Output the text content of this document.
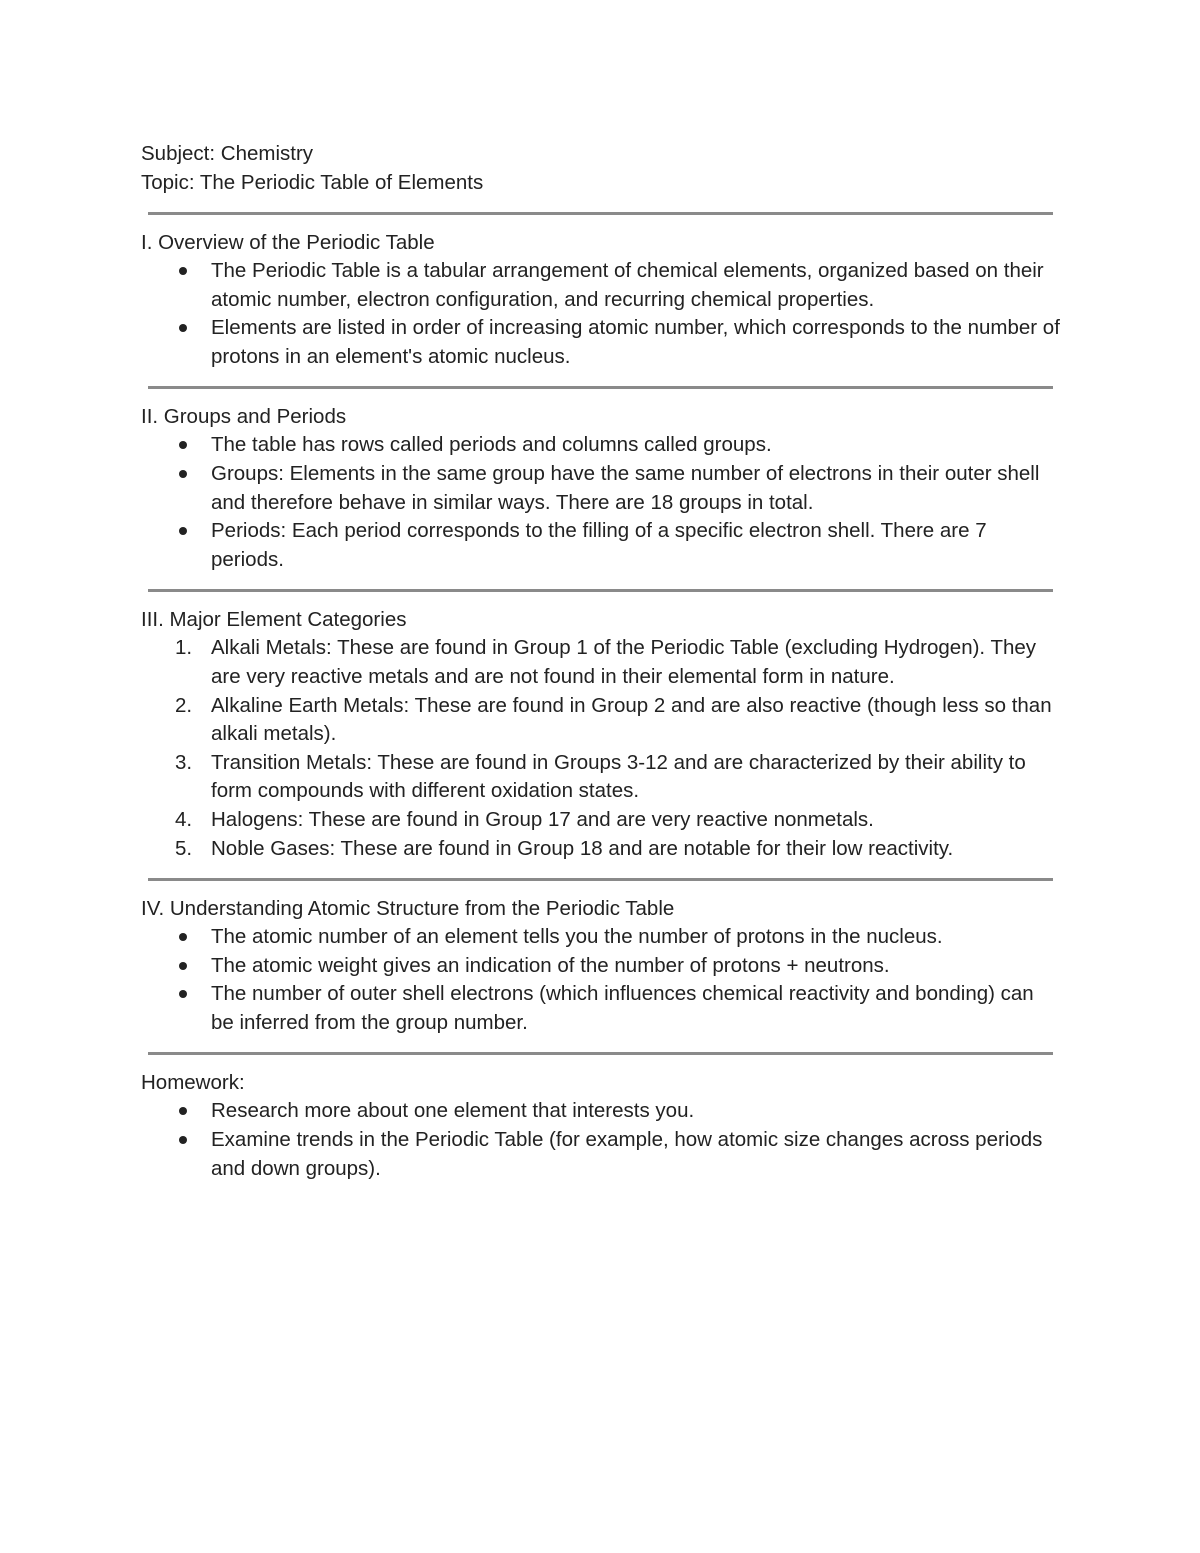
Subject: Chemistry

Topic: The Periodic Table of Elements

I. Overview of the Periodic Table

The Periodic Table is a tabular arrangement of chemical elements, organized based on their atomic number, electron configuration, and recurring chemical properties.
Elements are listed in order of increasing atomic number, which corresponds to the number of protons in an element's atomic nucleus.

II. Groups and Periods

The table has rows called periods and columns called groups.
Groups: Elements in the same group have the same number of electrons in their outer shell and therefore behave in similar ways. There are 18 groups in total.
Periods: Each period corresponds to the filling of a specific electron shell. There are 7 periods.

III. Major Element Categories

1. Alkali Metals: These are found in Group 1 of the Periodic Table (excluding Hydrogen). They are very reactive metals and are not found in their elemental form in nature.
2. Alkaline Earth Metals: These are found in Group 2 and are also reactive (though less so than alkali metals).
3. Transition Metals: These are found in Groups 3-12 and are characterized by their ability to form compounds with different oxidation states.
4. Halogens: These are found in Group 17 and are very reactive nonmetals.
5. Noble Gases: These are found in Group 18 and are notable for their low reactivity.

IV. Understanding Atomic Structure from the Periodic Table

The atomic number of an element tells you the number of protons in the nucleus.
The atomic weight gives an indication of the number of protons + neutrons.
The number of outer shell electrons (which influences chemical reactivity and bonding) can be inferred from the group number.

Homework:

Research more about one element that interests you.
Examine trends in the Periodic Table (for example, how atomic size changes across periods and down groups).
